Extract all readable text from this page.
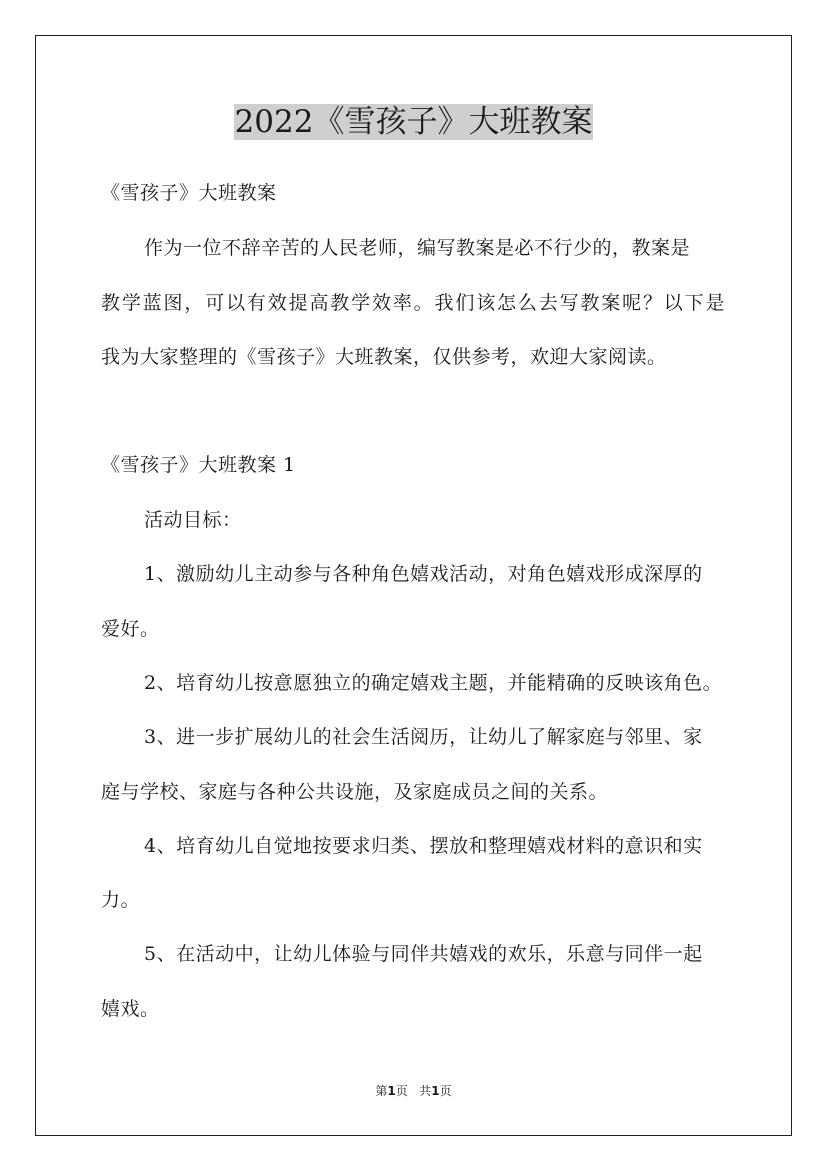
2022《雪孩子》大班教案
《雪孩子》大班教案
作为一位不辞辛苦的人民老师，编写教案是必不行少的，教案是
教学蓝图，可以有效提高教学效率。我们该怎么去写教案呢？以下是
我为大家整理的《雪孩子》大班教案，仅供参考，欢迎大家阅读。
《雪孩子》大班教案 1
活动目标：
1、激励幼儿主动参与各种角色嬉戏活动，对角色嬉戏形成深厚的
爱好。
2、培育幼儿按意愿独立的确定嬉戏主题，并能精确的反映该角色。
3、进一步扩展幼儿的社会生活阅历，让幼儿了解家庭与邻里、家
庭与学校、家庭与各种公共设施，及家庭成员之间的关系。
4、培育幼儿自觉地按要求归类、摆放和整理嬉戏材料的意识和实
力。
5、在活动中，让幼儿体验与同伴共嬉戏的欢乐，乐意与同伴一起
嬉戏。
第1页 共1页
